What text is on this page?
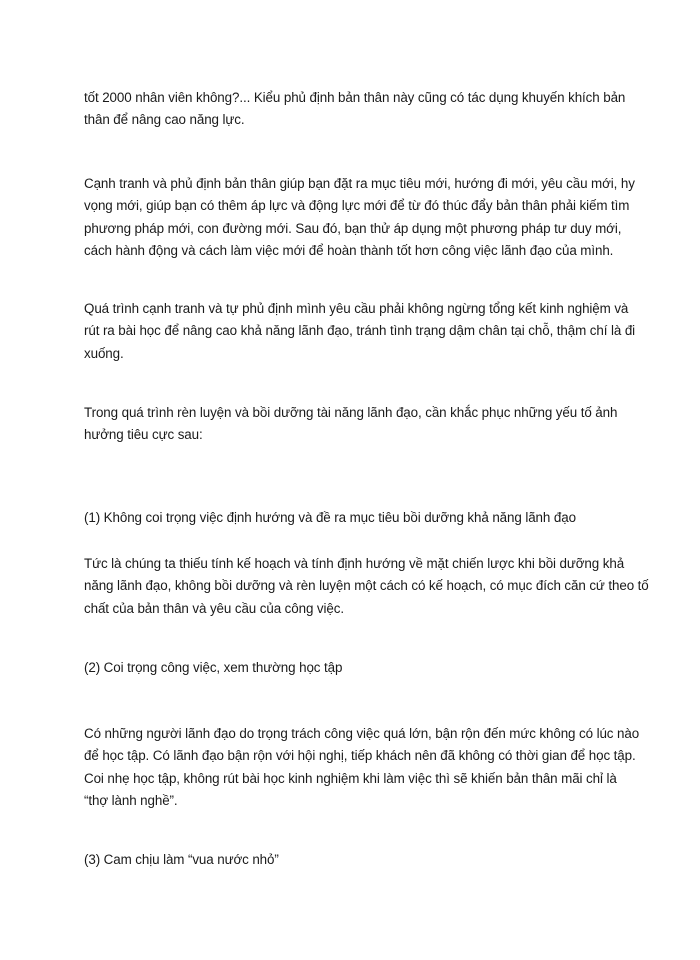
tốt 2000 nhân viên không?... Kiểu phủ định bản thân này cũng có tác dụng khuyến khích bản
thân để nâng cao năng lực.

Cạnh tranh và phủ định bản thân giúp bạn đặt ra mục tiêu mới, hướng đi mới, yêu cầu mới, hy
vọng mới, giúp bạn có thêm áp lực và động lực mới để từ đó thúc đẩy bản thân phải kiếm tìm
phương pháp mới, con đường mới. Sau đó, bạn thử áp dụng một phương pháp tư duy mới,
cách hành động và cách làm việc mới để hoàn thành tốt hơn công việc lãnh đạo của mình.

Quá trình cạnh tranh và tự phủ định mình yêu cầu phải không ngừng tổng kết kinh nghiệm và
rút ra bài học để nâng cao khả năng lãnh đạo, tránh tình trạng dậm chân tại chỗ, thậm chí là đi
xuống.

Trong quá trình rèn luyện và bồi dưỡng tài năng lãnh đạo, cần khắc phục những yếu tố ảnh
hưởng tiêu cực sau:

(1) Không coi trọng việc định hướng và đề ra mục tiêu bồi dưỡng khả năng lãnh đạo

Tức là chúng ta thiếu tính kế hoạch và tính định hướng về mặt chiến lược khi bồi dưỡng khả
năng lãnh đạo, không bồi dưỡng và rèn luyện một cách có kế hoạch, có mục đích căn cứ theo tố
chất của bản thân và yêu cầu của công việc.

(2) Coi trọng công việc, xem thường học tập

Có những người lãnh đạo do trọng trách công việc quá lớn, bận rộn đến mức không có lúc nào
để học tập. Có lãnh đạo bận rộn với hội nghị, tiếp khách nên đã không có thời gian để học tập.
Coi nhẹ học tập, không rút bài học kinh nghiệm khi làm việc thì sẽ khiến bản thân mãi chỉ là
“thợ lành nghề”.

(3) Cam chịu làm “vua nước nhỏ”
